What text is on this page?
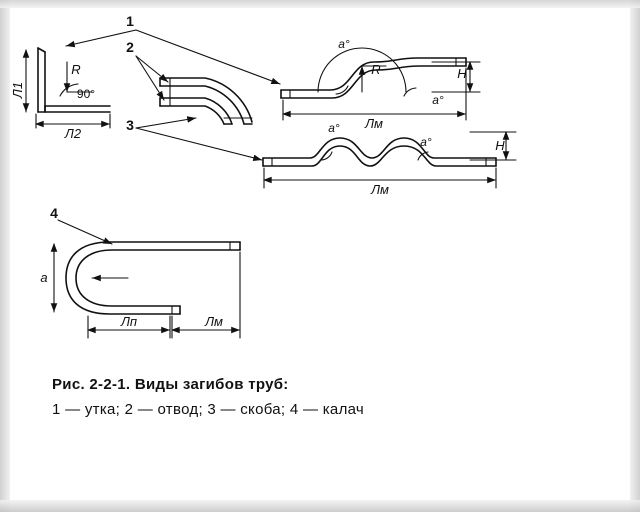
1
2
3
4
Л1
Л2
R
90°
a°
R
a°
H
Лм
a°
a°	H
Лм
a
Лп	Лм
Рис. 2-2-1. Виды загибов труб:
1 — утка; 2 — отвод; 3 — скоба; 4 — калач
